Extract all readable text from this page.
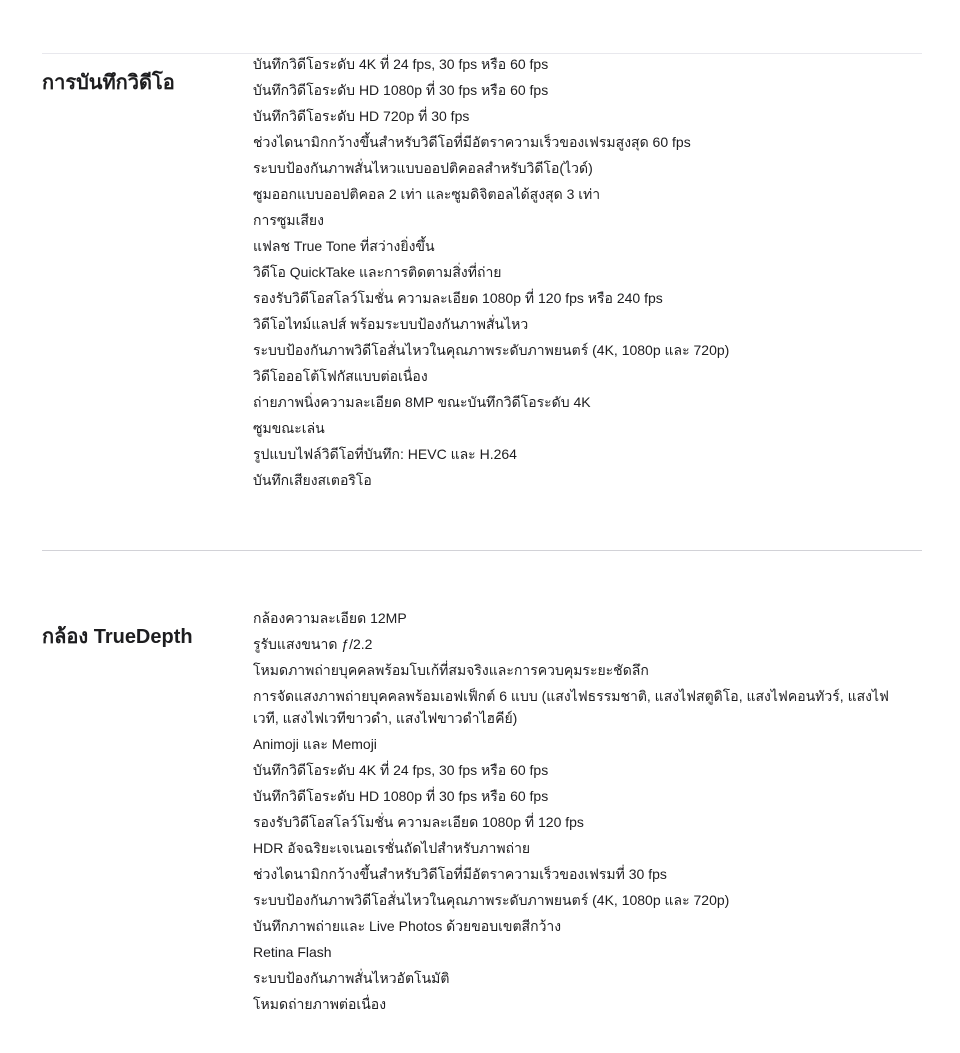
การบันทึกวิดีโอ

บันทึกวิดีโอระดับ 4K ที่ 24 fps, 30 fps หรือ 60 fps

บันทึกวิดีโอระดับ HD 1080p ที่ 30 fps หรือ 60 fps

บันทึกวิดีโอระดับ HD 720p ที่ 30 fps

ช่วงไดนามิกกว้างขึ้นสำหรับวิดีโอที่มีอัตราความเร็วของเฟรมสูงสุด 60 fps

ระบบป้องกันภาพสั่นไหวแบบออปติคอลสำหรับวิดีโอ(ไวด์)

ซูมออกแบบออปติคอล 2 เท่า และซูมดิจิตอลได้สูงสุด 3 เท่า

การซูมเสียง

แฟลช True Tone ที่สว่างยิ่งขึ้น

วิดีโอ QuickTake และการติดตามสิ่งที่ถ่าย

รองรับวิดีโอสโลว์โมชั่น ความละเอียด 1080p ที่ 120 fps หรือ 240 fps

วิดีโอไทม์แลปส์ พร้อมระบบป้องกันภาพสั่นไหว

ระบบป้องกันภาพวิดีโอสั่นไหวในคุณภาพระดับภาพยนตร์ (4K, 1080p และ 720p)

วิดีโอออโต้โฟกัสแบบต่อเนื่อง

ถ่ายภาพนิ่งความละเอียด 8MP ขณะบันทึกวิดีโอระดับ 4K

ซูมขณะเล่น

รูปแบบไฟล์วิดีโอที่บันทึก: HEVC และ H.264

บันทึกเสียงสเตอริโอ

กล้อง TrueDepth

กล้องความละเอียด 12MP

รูรับแสงขนาด ƒ/2.2

โหมดภาพถ่ายบุคคลพร้อมโบเก้ที่สมจริงและการควบคุมระยะชัดลึก

การจัดแสงภาพถ่ายบุคคลพร้อมเอฟเฟ็กต์ 6 แบบ (แสงไฟธรรมชาติ, แสงไฟสตูดิโอ, แสงไฟคอนทัวร์, แสงไฟเวที, แสงไฟเวทีขาวดำ, แสงไฟขาวดำไฮคีย์)

Animoji และ Memoji

บันทึกวิดีโอระดับ 4K ที่ 24 fps, 30 fps หรือ 60 fps

บันทึกวิดีโอระดับ HD 1080p ที่ 30 fps หรือ 60 fps

รองรับวิดีโอสโลว์โมชั่น ความละเอียด 1080p ที่ 120 fps

HDR อัจฉริยะเจเนอเรชั่นถัดไปสำหรับภาพถ่าย

ช่วงไดนามิกกว้างขึ้นสำหรับวิดีโอที่มีอัตราความเร็วของเฟรมที่ 30 fps

ระบบป้องกันภาพวิดีโอสั่นไหวในคุณภาพระดับภาพยนตร์ (4K, 1080p และ 720p)

บันทึกภาพถ่ายและ Live Photos ด้วยขอบเขตสีกว้าง

Retina Flash

ระบบป้องกันภาพสั่นไหวอัตโนมัติ

โหมดถ่ายภาพต่อเนื่อง
